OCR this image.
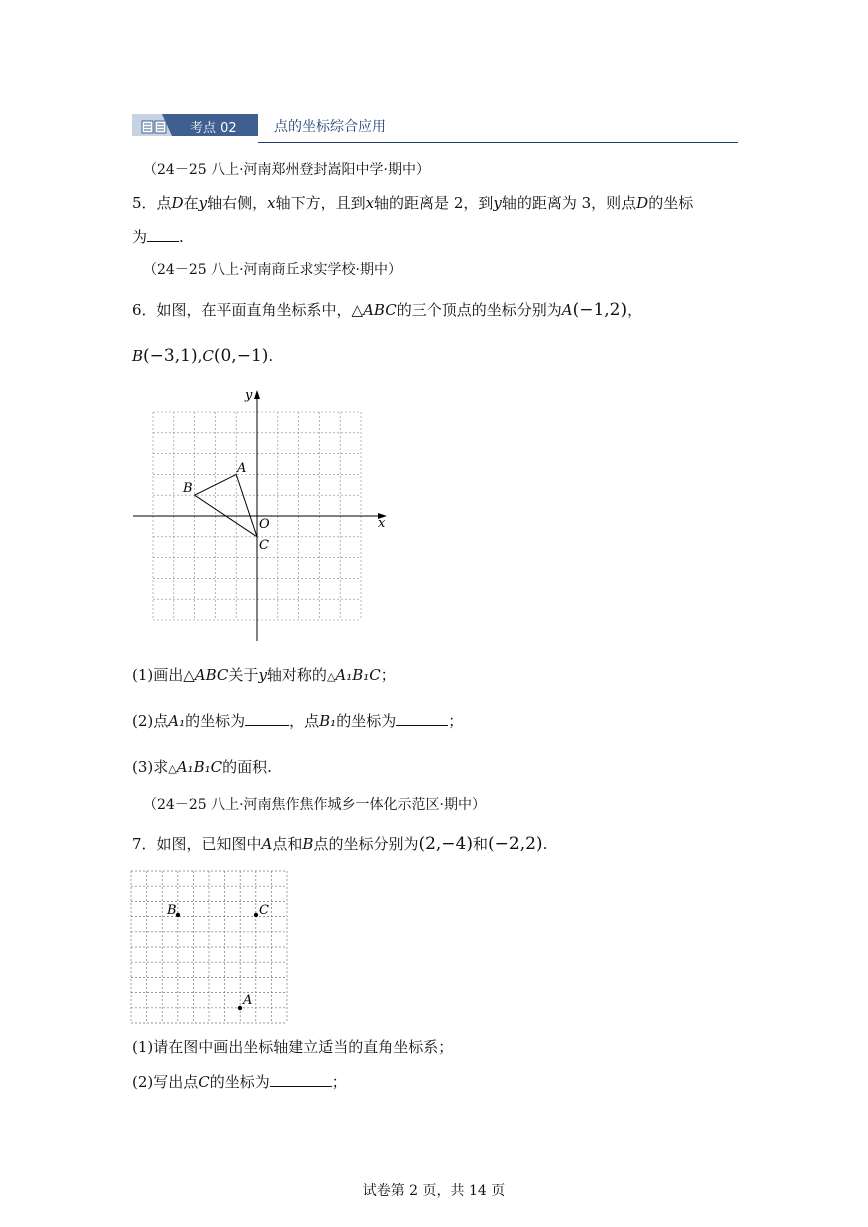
考点 02	点的坐标综合应用
（24－25 八上·河南郑州登封嵩阳中学·期中）
5．点D在y轴右侧，x轴下方，且到x轴的距离是 2，到y轴的距离为 3，则点D的坐标
为 .
（24－25 八上·河南商丘求实学校·期中）
6．如图，在平面直角坐标系中，△ABC的三个顶点的坐标分别为A(−1,2)，
B(−3,1),C(0,−1).
x
y
O
A
B
C
(1)画出△ABC关于y轴对称的△A₁B₁C；
(2)点A₁的坐标为	，点B₁的坐标为	；
(3)求△A₁B₁C的面积.
（24－25 八上·河南焦作焦作城乡一体化示范区·期中）
7．如图，已知图中A点和B点的坐标分别为(2,−4)和(−2,2).
B	C
A
(1)请在图中画出坐标轴建立适当的直角坐标系；
(2)写出点C的坐标为	；
试卷第 2 页，共 14 页
